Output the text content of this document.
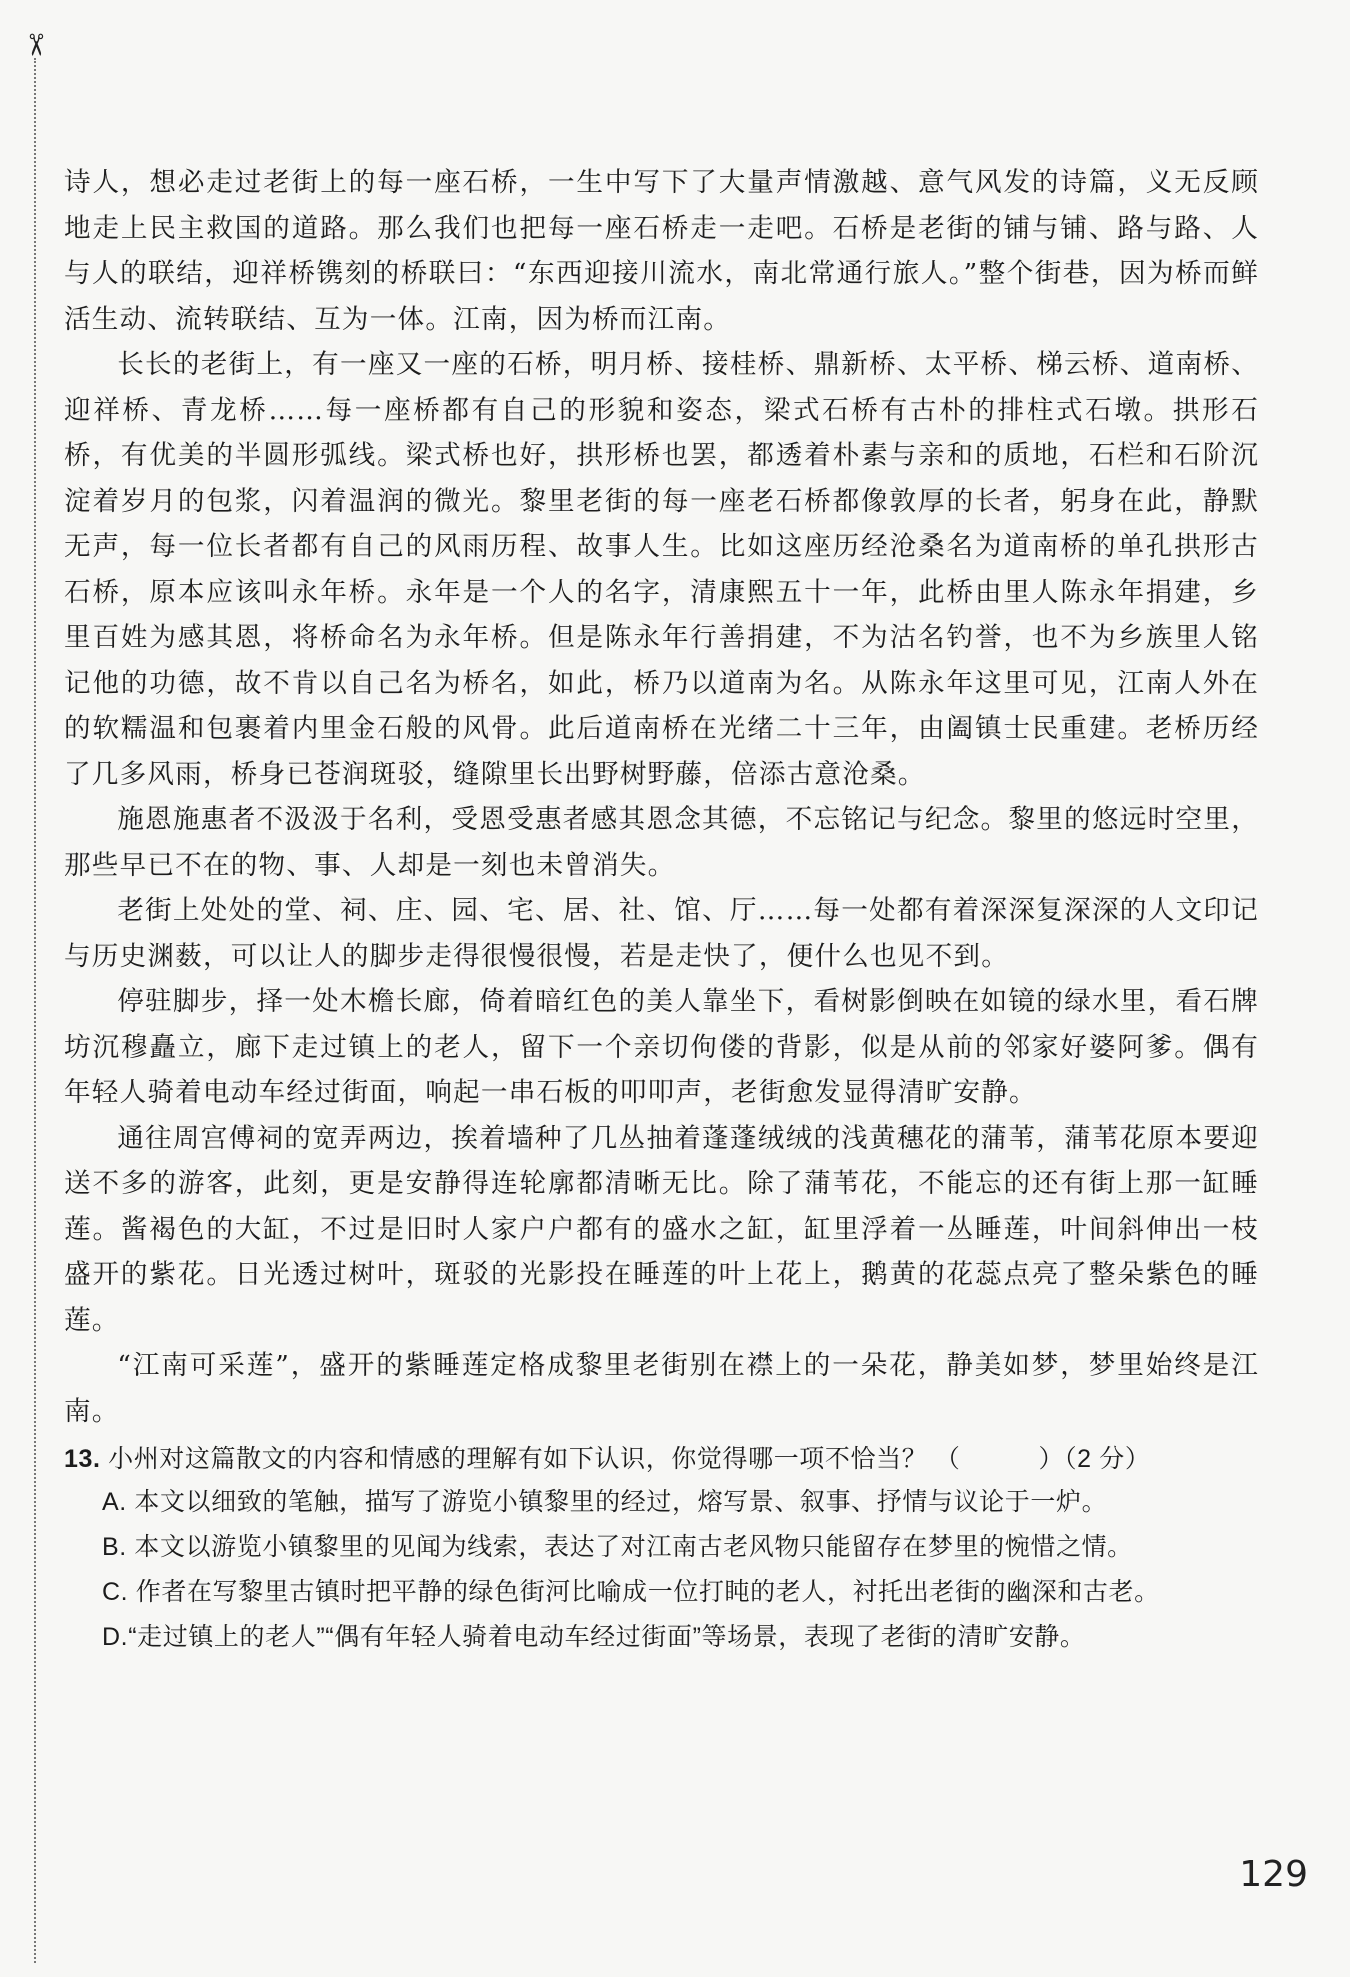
✂

诗人，想必走过老街上的每一座石桥，一生中写下了大量声情激越、意气风发的诗篇，义无反顾地走上民主救国的道路。那么我们也把每一座石桥走一走吧。石桥是老街的铺与铺、路与路、人与人的联结，迎祥桥镌刻的桥联曰：“东西迎接川流水，南北常通行旅人。”整个街巷，因为桥而鲜活生动、流转联结、互为一体。江南，因为桥而江南。

长长的老街上，有一座又一座的石桥，明月桥、接桂桥、鼎新桥、太平桥、梯云桥、道南桥、迎祥桥、青龙桥……每一座桥都有自己的形貌和姿态，梁式石桥有古朴的排柱式石墩。拱形石桥，有优美的半圆形弧线。梁式桥也好，拱形桥也罢，都透着朴素与亲和的质地，石栏和石阶沉淀着岁月的包浆，闪着温润的微光。黎里老街的每一座老石桥都像敦厚的长者，躬身在此，静默无声，每一位长者都有自己的风雨历程、故事人生。比如这座历经沧桑名为道南桥的单孔拱形古石桥，原本应该叫永年桥。永年是一个人的名字，清康熙五十一年，此桥由里人陈永年捐建，乡里百姓为感其恩，将桥命名为永年桥。但是陈永年行善捐建，不为沽名钓誉，也不为乡族里人铭记他的功德，故不肯以自己名为桥名，如此，桥乃以道南为名。从陈永年这里可见，江南人外在的软糯温和包裹着内里金石般的风骨。此后道南桥在光绪二十三年，由阖镇士民重建。老桥历经了几多风雨，桥身已苍润斑驳，缝隙里长出野树野藤，倍添古意沧桑。

施恩施惠者不汲汲于名利，受恩受惠者感其恩念其德，不忘铭记与纪念。黎里的悠远时空里，那些早已不在的物、事、人却是一刻也未曾消失。

老街上处处的堂、祠、庄、园、宅、居、社、馆、厅……每一处都有着深深复深深的人文印记与历史渊薮，可以让人的脚步走得很慢很慢，若是走快了，便什么也见不到。

停驻脚步，择一处木檐长廊，倚着暗红色的美人靠坐下，看树影倒映在如镜的绿水里，看石牌坊沉穆矗立，廊下走过镇上的老人，留下一个亲切佝偻的背影，似是从前的邻家好婆阿爹。偶有年轻人骑着电动车经过街面，响起一串石板的叩叩声，老街愈发显得清旷安静。

通往周宫傅祠的宽弄两边，挨着墙种了几丛抽着蓬蓬绒绒的浅黄穗花的蒲苇，蒲苇花原本要迎送不多的游客，此刻，更是安静得连轮廓都清晰无比。除了蒲苇花，不能忘的还有街上那一缸睡莲。酱褐色的大缸，不过是旧时人家户户都有的盛水之缸，缸里浮着一丛睡莲，叶间斜伸出一枝盛开的紫花。日光透过树叶，斑驳的光影投在睡莲的叶上花上，鹅黄的花蕊点亮了整朵紫色的睡莲。

“江南可采莲”，盛开的紫睡莲定格成黎里老街别在襟上的一朵花，静美如梦，梦里始终是江南。

13. 小州对这篇散文的内容和情感的理解有如下认识，你觉得哪一项不恰当？ （	）（2 分）

A. 本文以细致的笔触，描写了游览小镇黎里的经过，熔写景、叙事、抒情与议论于一炉。

B. 本文以游览小镇黎里的见闻为线索，表达了对江南古老风物只能留存在梦里的惋惜之情。

C. 作者在写黎里古镇时把平静的绿色街河比喻成一位打盹的老人，衬托出老街的幽深和古老。

D.“走过镇上的老人”“偶有年轻人骑着电动车经过街面”等场景，表现了老街的清旷安静。

129
